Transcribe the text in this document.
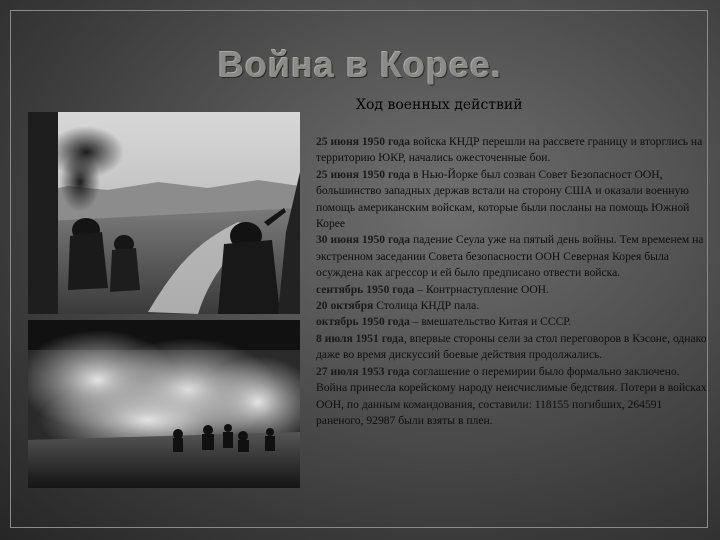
Война в Корее.
Ход военных действий

25 июня 1950 года войска КНДР перешли на рассвете границу и вторглись на территорию ЮКР, начались ожесточенные бои.

25 июня 1950 года в Нью-Йорке был созван Совет Безопасност ООН, большинство западных держав встали на сторону США и оказали военную помощь американским войскам, которые были посланы на помощь Южной Корее

30 июня 1950 года падение Сеула уже на пятый день войны. Тем временем на экстренном заседании Совета безопасности ООН Северная Корея была осуждена как агрессор и ей было предписано отвести войска.

сентябрь 1950 года – Контрнаступление ООН.

20 октября Столица КНДР пала.

октябрь 1950 года – вмешательство Китая и СССР.

8 июля 1951 года, впервые стороны сели за стол переговоров в Кэсоне, однако даже во время дискуссий боевые действия продолжались.

27 июля 1953 года соглашение о перемирии было формально заключено.

Война принесла корейскому народу неисчислимые бедствия. Потери в войсках ООН, по данным командования, составили: 118155 погибших, 264591 раненого, 92987 были взяты в плен.
